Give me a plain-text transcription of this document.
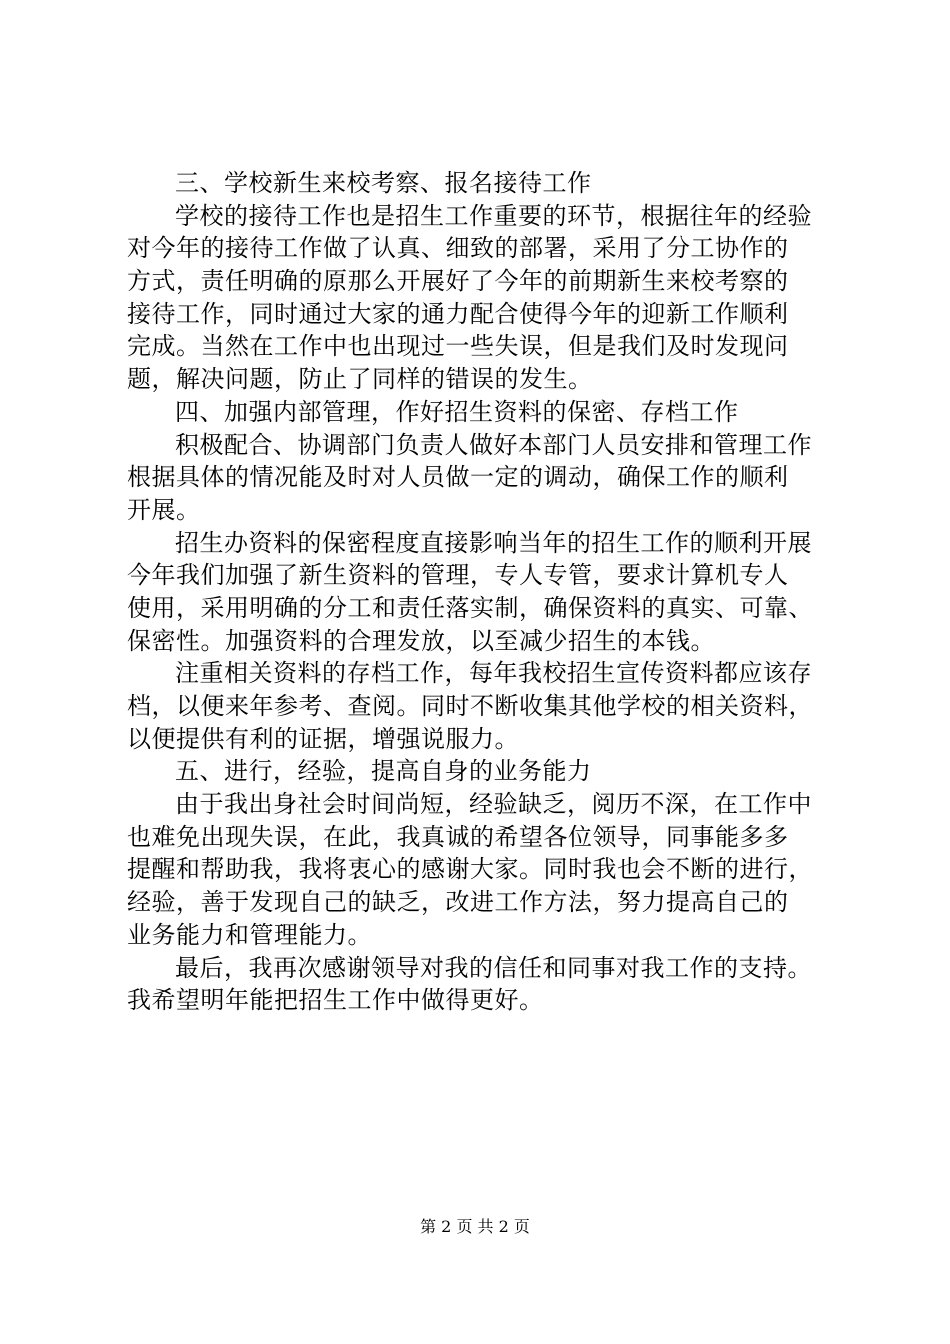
三、学校新生来校考察、报名接待工作
学校的接待工作也是招生工作重要的环节，根据往年的经验
对今年的接待工作做了认真、细致的部署，采用了分工协作的
方式，责任明确的原那么开展好了今年的前期新生来校考察的
接待工作，同时通过大家的通力配合使得今年的迎新工作顺利
完成。当然在工作中也出现过一些失误，但是我们及时发现问
题，解决问题，防止了同样的错误的发生。
四、加强内部管理，作好招生资料的保密、存档工作
积极配合、协调部门负责人做好本部门人员安排和管理工作
根据具体的情况能及时对人员做一定的调动，确保工作的顺利
开展。
招生办资料的保密程度直接影响当年的招生工作的顺利开展
今年我们加强了新生资料的管理，专人专管，要求计算机专人
使用，采用明确的分工和责任落实制，确保资料的真实、可靠、
保密性。加强资料的合理发放，以至减少招生的本钱。
注重相关资料的存档工作，每年我校招生宣传资料都应该存
档，以便来年参考、查阅。同时不断收集其他学校的相关资料，
以便提供有利的证据，增强说服力。
五、进行，经验，提高自身的业务能力
由于我出身社会时间尚短，经验缺乏，阅历不深，在工作中
也难免出现失误，在此，我真诚的希望各位领导，同事能多多
提醒和帮助我，我将衷心的感谢大家。同时我也会不断的进行，
经验，善于发现自己的缺乏，改进工作方法，努力提高自己的
业务能力和管理能力。
最后，我再次感谢领导对我的信任和同事对我工作的支持。
我希望明年能把招生工作中做得更好。
第 2 页 共 2 页
